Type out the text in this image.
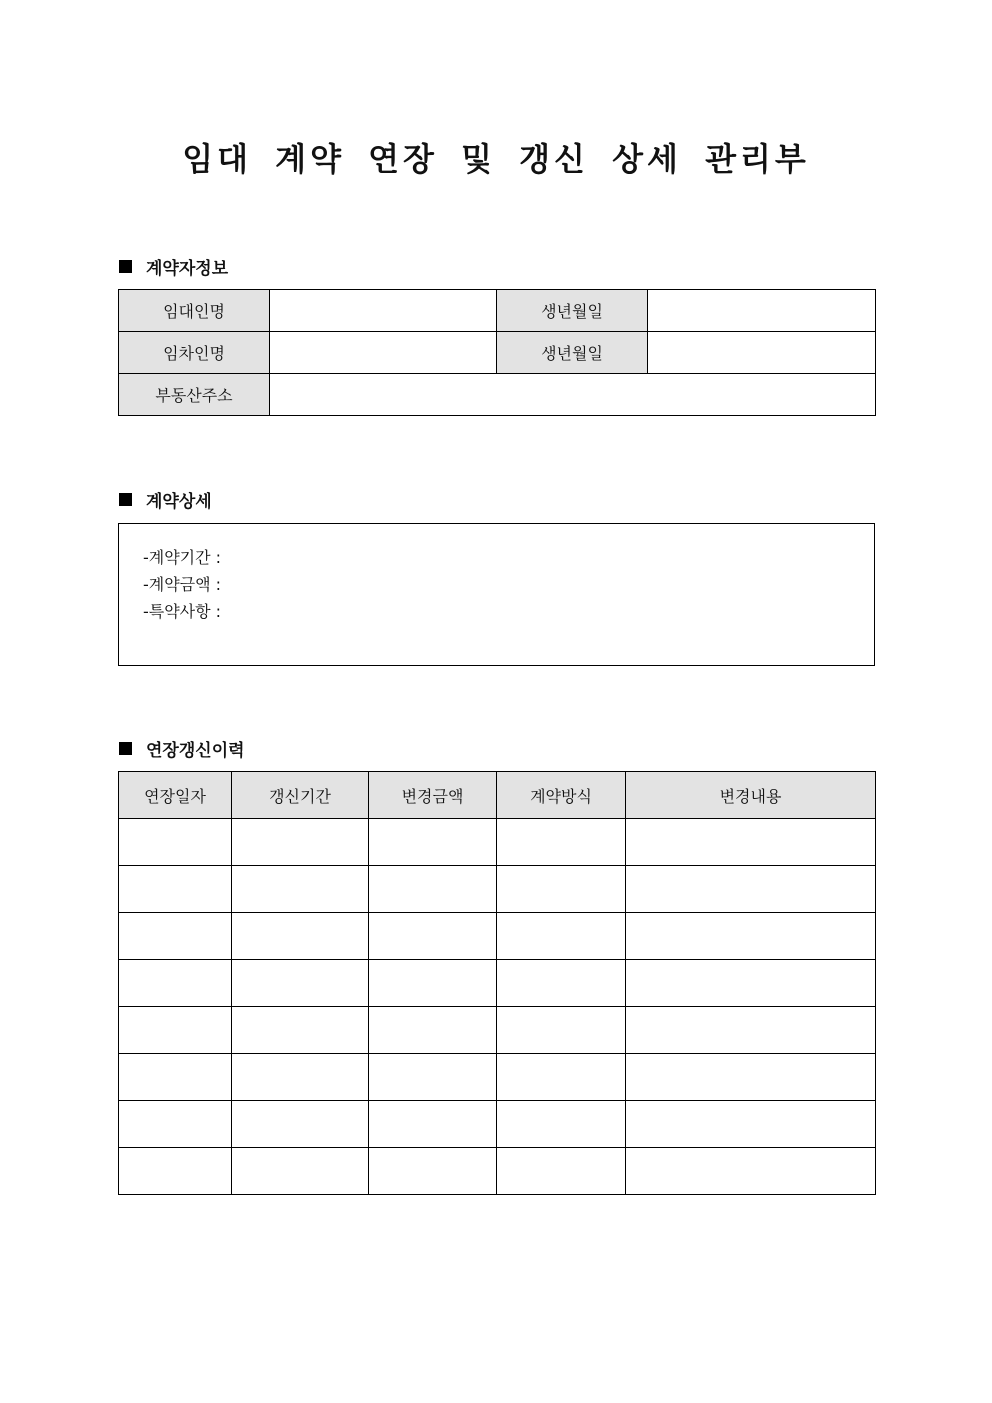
임대 계약 연장 및 갱신 상세 관리부
계약자정보
임대인명		생년월일	
임차인명		생년월일	
부동산주소			
계약상세
-계약기간 :
-계약금액 :
-특약사항 :
연장갱신이력
연장일자	갱신기간	변경금액	계약방식	변경내용
